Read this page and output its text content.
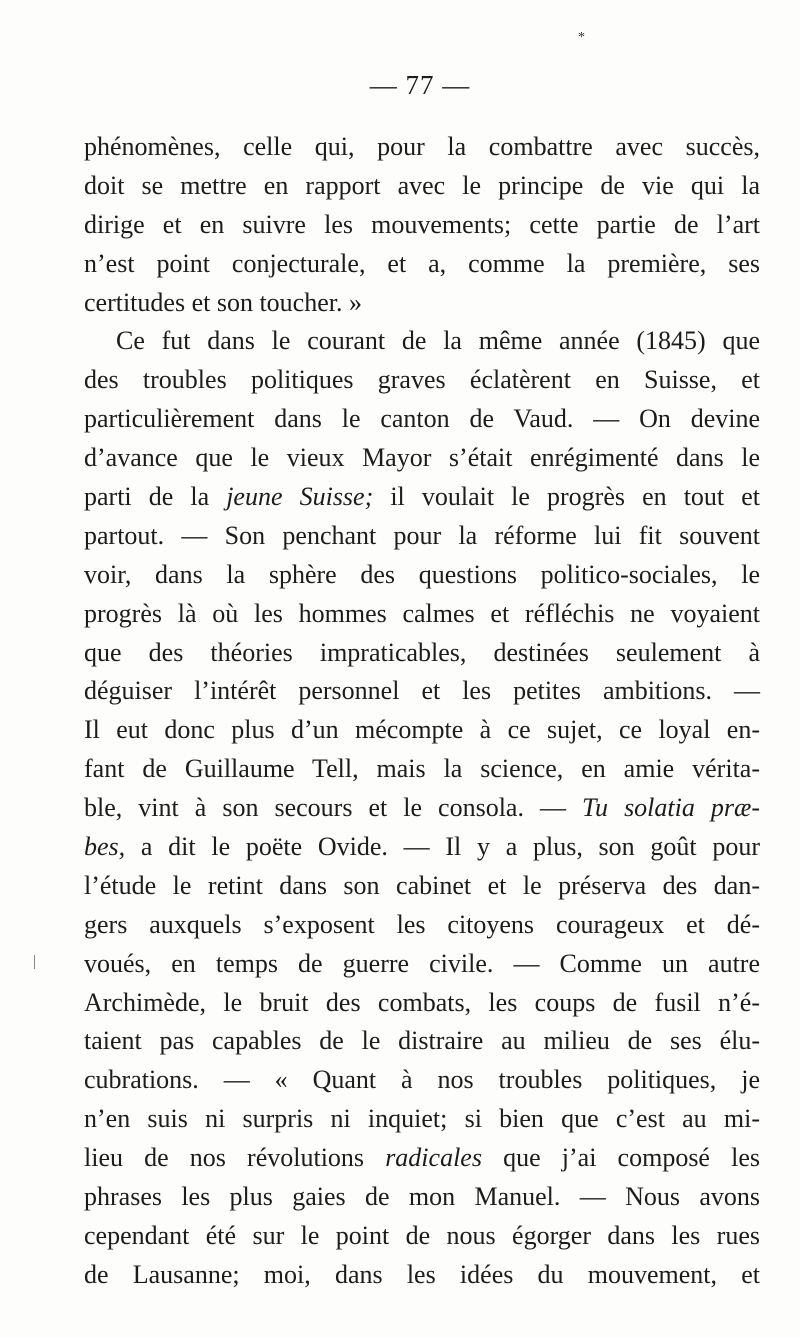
*
— 77 —
phénomènes, celle qui, pour la combattre avec succès,
doit se mettre en rapport avec le principe de vie qui la
dirige et en suivre les mouvements; cette partie de l’art
n’est point conjecturale, et a, comme la première, ses
certitudes et son toucher. »
Ce fut dans le courant de la même année (1845) que
des troubles politiques graves éclatèrent en Suisse, et
particulièrement dans le canton de Vaud. — On devine
d’avance que le vieux Mayor s’était enrégimenté dans le
parti de la jeune Suisse; il voulait le progrès en tout et
partout. — Son penchant pour la réforme lui fit souvent
voir, dans la sphère des questions politico-sociales, le
progrès là où les hommes calmes et réfléchis ne voyaient
que des théories impraticables, destinées seulement à
déguiser l’intérêt personnel et les petites ambitions. —
Il eut donc plus d’un mécompte à ce sujet, ce loyal en-
fant de Guillaume Tell, mais la science, en amie vérita-
ble, vint à son secours et le consola. — Tu solatia præ-
bes, a dit le poëte Ovide. — Il y a plus, son goût pour
l’étude le retint dans son cabinet et le préserva des dan-
gers auxquels s’exposent les citoyens courageux et dé-
voués, en temps de guerre civile. — Comme un autre
Archimède, le bruit des combats, les coups de fusil n’é-
taient pas capables de le distraire au milieu de ses élu-
cubrations. — « Quant à nos troubles politiques, je
n’en suis ni surpris ni inquiet; si bien que c’est au mi-
lieu de nos révolutions radicales que j’ai composé les
phrases les plus gaies de mon Manuel. — Nous avons
cependant été sur le point de nous égorger dans les rues
de Lausanne; moi, dans les idées du mouvement, et
